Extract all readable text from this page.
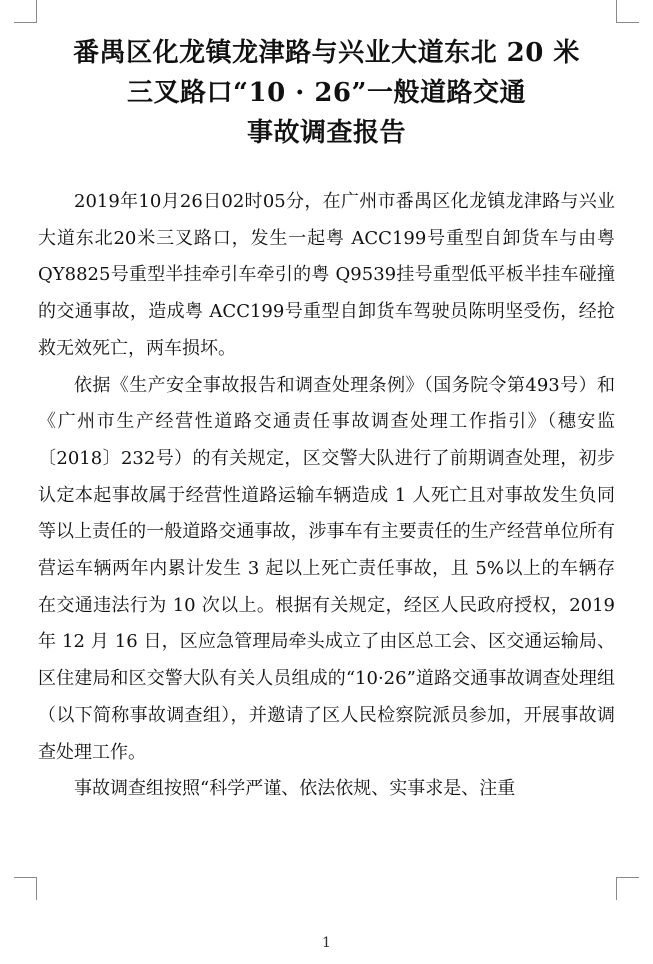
番禺区化龙镇龙津路与兴业大道东北 20 米
三叉路口“10 · 26”一般道路交通
事故调查报告

2019年10月26日02时05分，在广州市番禺区化龙镇龙津路与兴业大道东北20米三叉路口，发生一起粤 ACC199号重型自卸货车与由粤 QY8825号重型半挂牵引车牵引的粤 Q9539挂号重型低平板半挂车碰撞的交通事故，造成粤 ACC199号重型自卸货车驾驶员陈明坚受伤，经抢救无效死亡，两车损坏。

依据《生产安全事故报告和调查处理条例》（国务院令第493号）和《广州市生产经营性道路交通责任事故调查处理工作指引》（穗安监〔2018〕232号）的有关规定，区交警大队进行了前期调查处理，初步认定本起事故属于经营性道路运输车辆造成 1 人死亡且对事故发生负同等以上责任的一般道路交通事故，涉事车有主要责任的生产经营单位所有营运车辆两年内累计发生 3 起以上死亡责任事故，且 5%以上的车辆存在交通违法行为 10 次以上。根据有关规定，经区人民政府授权，2019 年 12 月 16 日，区应急管理局牵头成立了由区总工会、区交通运输局、区住建局和区交警大队有关人员组成的“10·26”道路交通事故调查处理组（以下简称事故调查组），并邀请了区人民检察院派员参加，开展事故调查处理工作。

事故调查组按照“科学严谨、依法依规、实事求是、注重

1
